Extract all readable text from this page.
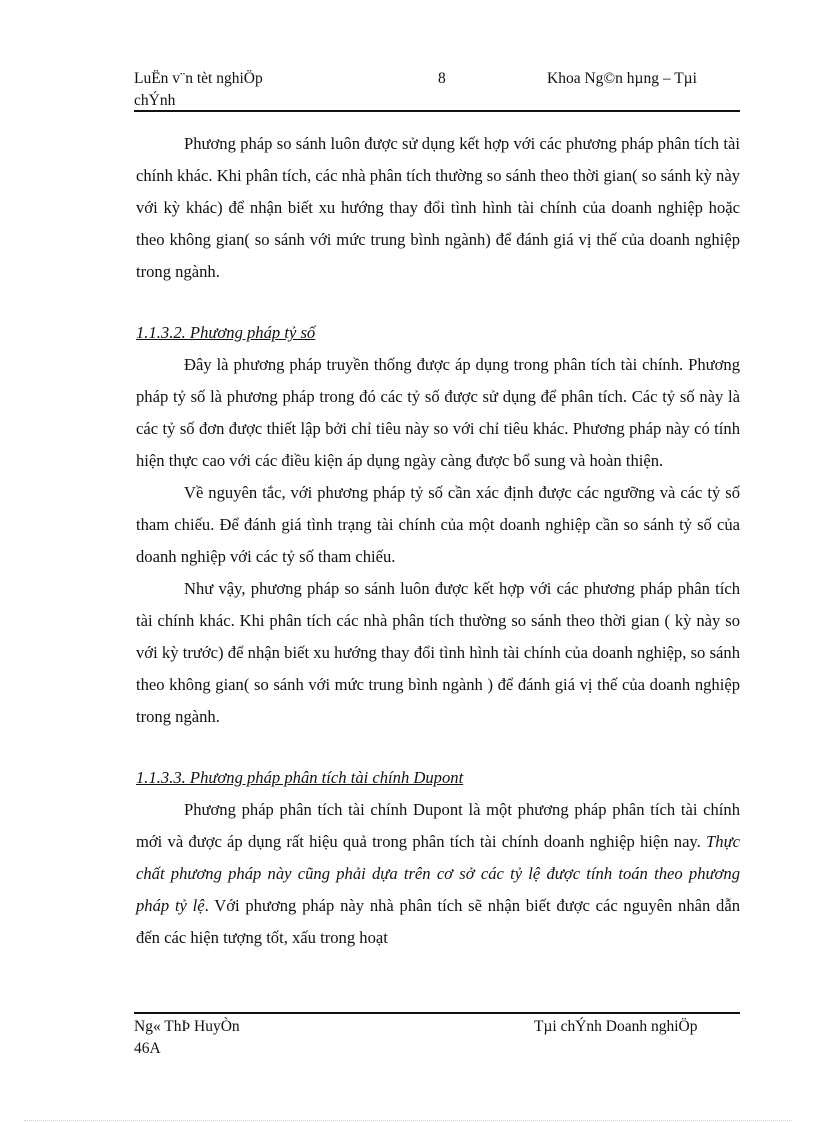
LuËn v¨n tèt nghiÖp
chÝnh
8	Khoa Ng©n hµng – Tµi

Phương pháp so sánh luôn được sử dụng kết hợp với các phương pháp phân tích tài chính khác. Khi phân tích, các nhà phân tích thường so sánh theo thời gian( so sánh kỳ này với kỳ khác) để nhận biết xu hướng thay đổi tình hình tài chính của doanh nghiệp hoặc theo không gian( so sánh với mức trung bình ngành) để đánh giá vị thế của doanh nghiệp trong ngành.

1.1.3.2. Phương pháp tỷ số

Đây là phương pháp truyền thống được áp dụng trong phân tích tài chính. Phương pháp tỷ số là phương pháp trong đó các tỷ số được sử dụng để phân tích. Các tỷ số này là các tỷ số đơn được thiết lập bởi chỉ tiêu này so với chỉ tiêu khác. Phương pháp này có tính hiện thực cao với các điều kiện áp dụng ngày càng được bổ sung và hoàn thiện.

Về nguyên tắc, với phương pháp tỷ số cần xác định được các ngưỡng và các tỷ số tham chiếu. Để đánh giá tình trạng tài chính của một doanh nghiệp cần so sánh tỷ số của doanh nghiệp với các tỷ số tham chiếu.

Như vậy, phương pháp so sánh luôn được kết hợp với các phương pháp phân tích tài chính khác. Khi phân tích các nhà phân tích thường so sánh theo thời gian ( kỳ này so với kỳ trước) để nhận biết xu hướng thay đổi tình hình tài chính của doanh nghiệp, so sánh theo không gian( so sánh với mức trung bình ngành ) để đánh giá vị thế của doanh nghiệp trong ngành.

1.1.3.3. Phương pháp phân tích tài chính Dupont

Phương pháp phân tích tài chính Dupont là một phương pháp phân tích tài chính mới và được áp dụng rất hiệu quả trong phân tích tài chính doanh nghiệp hiện nay. Thực chất phương pháp này cũng phải dựa trên cơ sở các tỷ lệ được tính toán theo phương pháp tỷ lệ. Với phương pháp này nhà phân tích sẽ nhận biết được các nguyên nhân dẫn đến các hiện tượng tốt, xấu trong hoạt

Ng« ThÞ HuyÒn
46A
Tµi chÝnh Doanh nghiÖp
